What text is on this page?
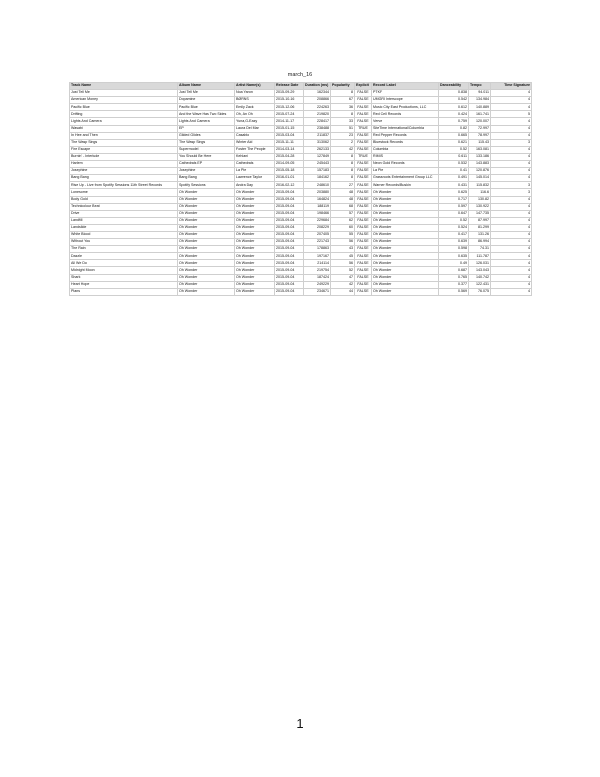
march_16
Track Name	Album Name	Artist Name(s)	Release Date	Duration (ms)	Popularity	Explicit	Record Label	Danceability	Tempo	Time Signature
Just Tell Me	Just Tell Me	Noa Yaron	2015-09-29	162344	8	FALSE	PTKF	0.838	94.011	4
American Money	Dopamine	BØRNS	2015-10-16	208866	67	FALSE	UMGRI Interscope	0.542	134.984	4
Pacific Blue	Pacific Blue	Emily Zack	2015-12-06	224263	36	FALSE	Music City East Productions, LLC	0.612	140.889	4
Drifting	And the Wave Has Two Sides	Oh, An Oh	2015-07-24	219820	8	FALSE	Red Cell Records	0.424	161.741	5
Lights And Camera	Lights And Camera	Yuna,G-Eazy	2014-11-17	228417	33	FALSE	Verve	0.759	120.007	4
Wasabi	EP	Laura Del Mar	2015-01-15	238488	51	TRUE	SiteTime International/Columbia	0.82	72.997	4
In Hee and Then	Gilded Glides	Casablo	2015-03-04	211837	23	FALSE	Red Pepper Records	0.665	78.997	4
The Wasp Sings	The Wasp Sings	Winter Aid	2015-11-11	313062	2	FALSE	Bluestock Records	0.621	115.43	3
Fire Escape	Supermodel	Foster The People	2014-03-14	262133	42	FALSE	Columbia	0.52	163.081	4
Burnin' - Interlude	You Should Be Here	Kehlani	2015-04-28	127849	8	TRUE	RIMIS	0.611	133.186	4
Harlem	Cathedrals EP	Cathedrals	2014-09-05	245443	8	FALSE	Neon Gold Records	0.532	143.883	4
Josephine	Josephine	La Pie	2015-05-18	157183	8	FALSE	La Pie	0.41	120.876	4
Bang Bang	Bang Bang	Lawrence Taylor	2016-01-01	184162	8	FALSE	Grassroots Entertainment Group LLC	0.491	145.014	4
Rise Up - Live from Spotify Sessions 11th Street Records	Spotify Sessions	Andra Day	2016-02-12	248610	27	FALSE	Warner Records/Buskin	0.431	115.832	3
Lonesome	Oh Wonder	Oh Wonder	2015-09-04	203880	48	FALSE	Oh Wonder	0.625	116.6	3
Body Gold	Oh Wonder	Oh Wonder	2015-09-04	164824	48	FALSE	Oh Wonder	0.717	130.82	4
Technicolour Beat	Oh Wonder	Oh Wonder	2015-09-04	188119	68	FALSE	Oh Wonder	0.597	130.922	4
Drive	Oh Wonder	Oh Wonder	2015-09-04	198466	57	FALSE	Oh Wonder	0.647	147.735	4
Landfill	Oh Wonder	Oh Wonder	2015-09-04	229684	62	FALSE	Oh Wonder	0.52	87.997	4
Landslide	Oh Wonder	Oh Wonder	2015-09-04	208229	60	FALSE	Oh Wonder	0.524	81.299	4
White Blood	Oh Wonder	Oh Wonder	2015-09-04	207405	55	FALSE	Oh Wonder	0.417	131.26	4
Without You	Oh Wonder	Oh Wonder	2015-09-04	221743	56	FALSE	Oh Wonder	0.639	86.994	4
The Rain	Oh Wonder	Oh Wonder	2015-09-04	178863	43	FALSE	Oh Wonder	0.598	74.31	4
Dazzle	Oh Wonder	Oh Wonder	2015-09-04	197167	45	FALSE	Oh Wonder	0.635	111.787	4
All We Do	Oh Wonder	Oh Wonder	2015-09-04	214114	56	FALSE	Oh Wonder	0.49	126.031	4
Midnight Moon	Oh Wonder	Oh Wonder	2015-09-04	219754	52	FALSE	Oh Wonder	0.687	143.043	4
Shark	Oh Wonder	Oh Wonder	2015-09-04	187424	47	FALSE	Oh Wonder	0.765	140.742	4
Heart Hope	Oh Wonder	Oh Wonder	2015-09-04	249229	42	FALSE	Oh Wonder	0.377	122.431	4
Plans	Oh Wonder	Oh Wonder	2015-09-04	234671	44	FALSE	Oh Wonder	0.569	76.075	4
1
